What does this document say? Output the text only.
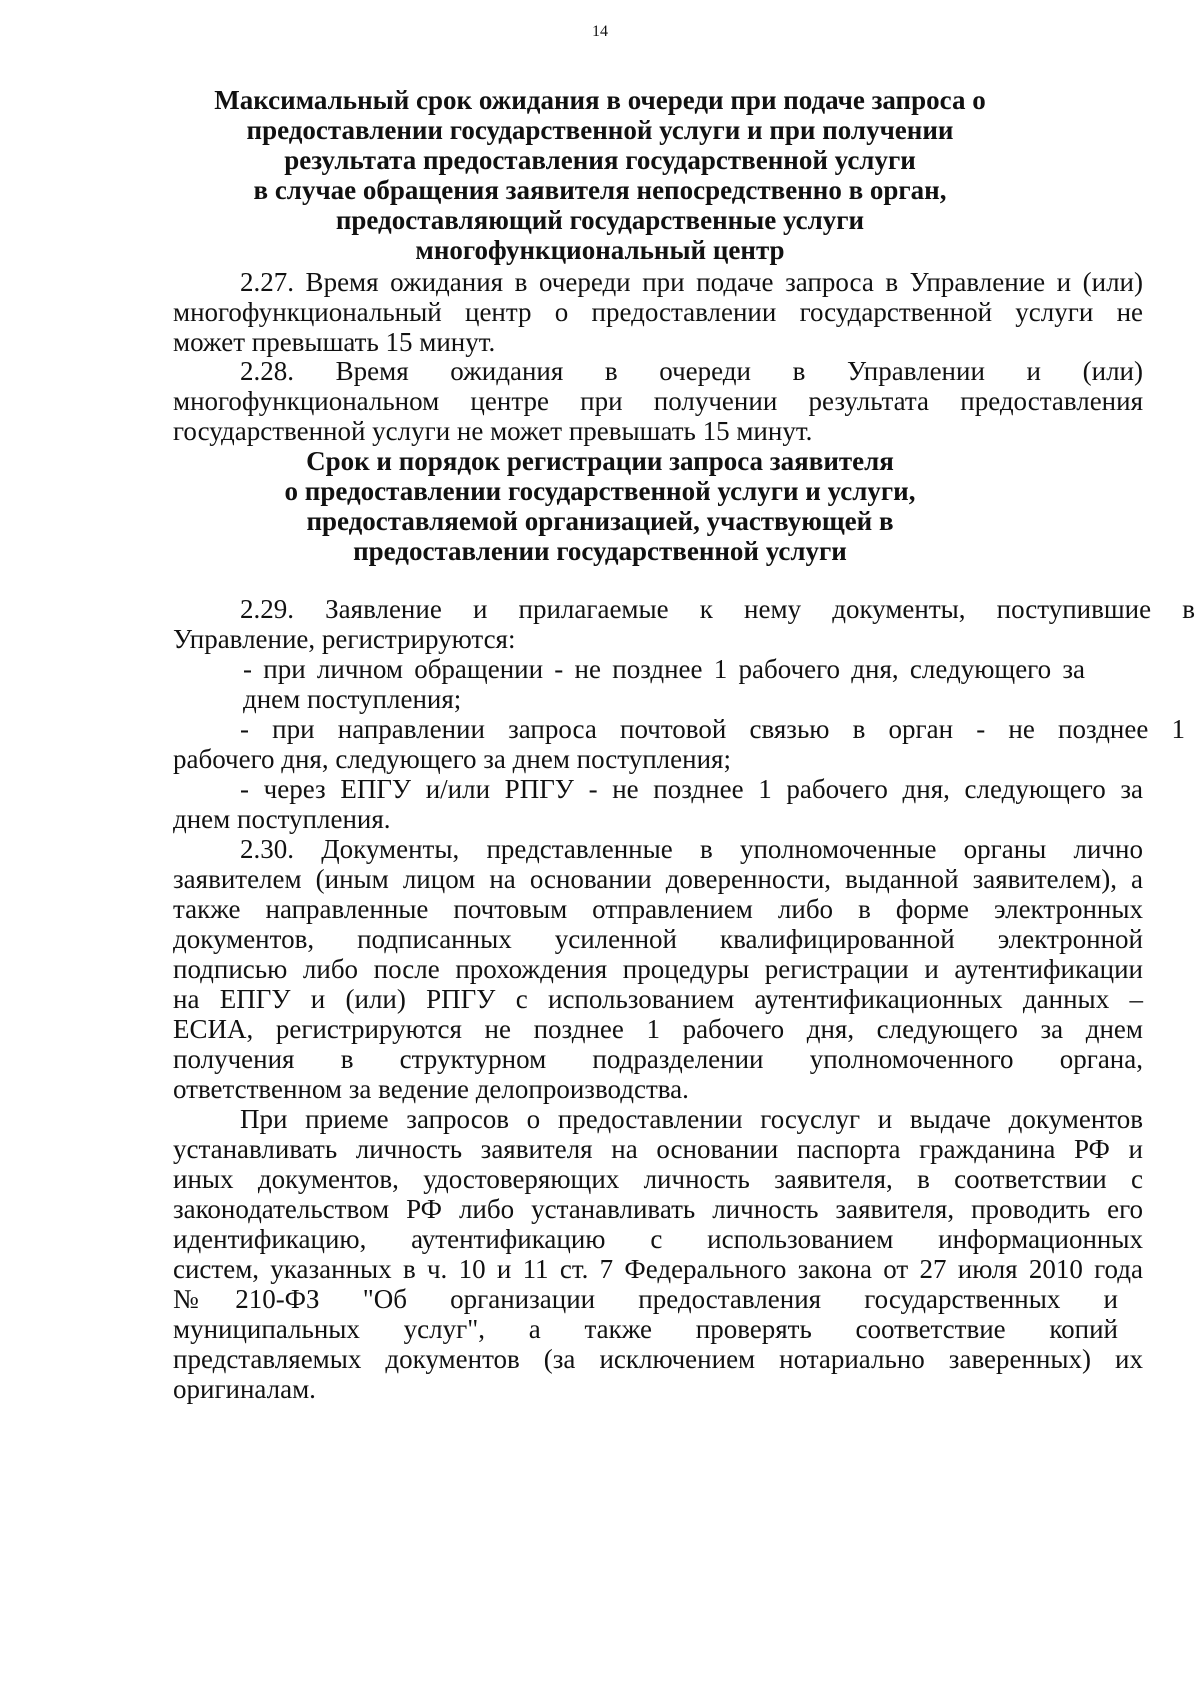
14
Максимальный срок ожидания в очереди при подаче запроса о
предоставлении государственной услуги и при получении
результата предоставления государственной услуги
в случае обращения заявителя непосредственно в орган,
предоставляющий государственные услуги
многофункциональный центр
2.27. Время ожидания в очереди при подаче запроса в Управление и (или)
многофункциональный центр о предоставлении государственной услуги не
может превышать 15 минут.
2.28. Время ожидания в очереди в Управлении и (или)
многофункциональном центре при получении результата предоставления
государственной услуги не может превышать 15 минут.
Срок и порядок регистрации запроса заявителя
о предоставлении государственной услуги и услуги,
предоставляемой организацией, участвующей в
предоставлении государственной услуги
2.29. Заявление и прилагаемые к нему документы, поступившие в
Управление, регистрируются:
- при личном обращении - не позднее 1 рабочего дня, следующего за
днем поступления;
- при направлении запроса почтовой связью в орган - не позднее 1
рабочего дня, следующего за днем поступления;
- через ЕПГУ и/или РПГУ - не позднее 1 рабочего дня, следующего за
днем поступления.
2.30. Документы, представленные в уполномоченные органы лично
заявителем (иным лицом на основании доверенности, выданной заявителем), а
также направленные почтовым отправлением либо в форме электронных
документов, подписанных усиленной квалифицированной электронной
подписью либо после прохождения процедуры регистрации и аутентификации
на ЕПГУ и (или) РПГУ с использованием аутентификационных данных –
ЕСИА, регистрируются не позднее 1 рабочего дня, следующего за днем
получения в структурном подразделении уполномоченного органа,
ответственном за ведение делопроизводства.
При приеме запросов о предоставлении госуслуг и выдаче документов
устанавливать личность заявителя на основании паспорта гражданина РФ и
иных документов, удостоверяющих личность заявителя, в соответствии с
законодательством РФ либо устанавливать личность заявителя, проводить его
идентификацию, аутентификацию с использованием информационных
систем, указанных в ч. 10 и 11 ст. 7 Федерального закона от 27 июля 2010 года
№210-ФЗ "Об организации предоставления государственных и
муниципальных услуг", а также проверять соответствие копий
представляемых документов (за исключением нотариально заверенных) их
оригиналам.
